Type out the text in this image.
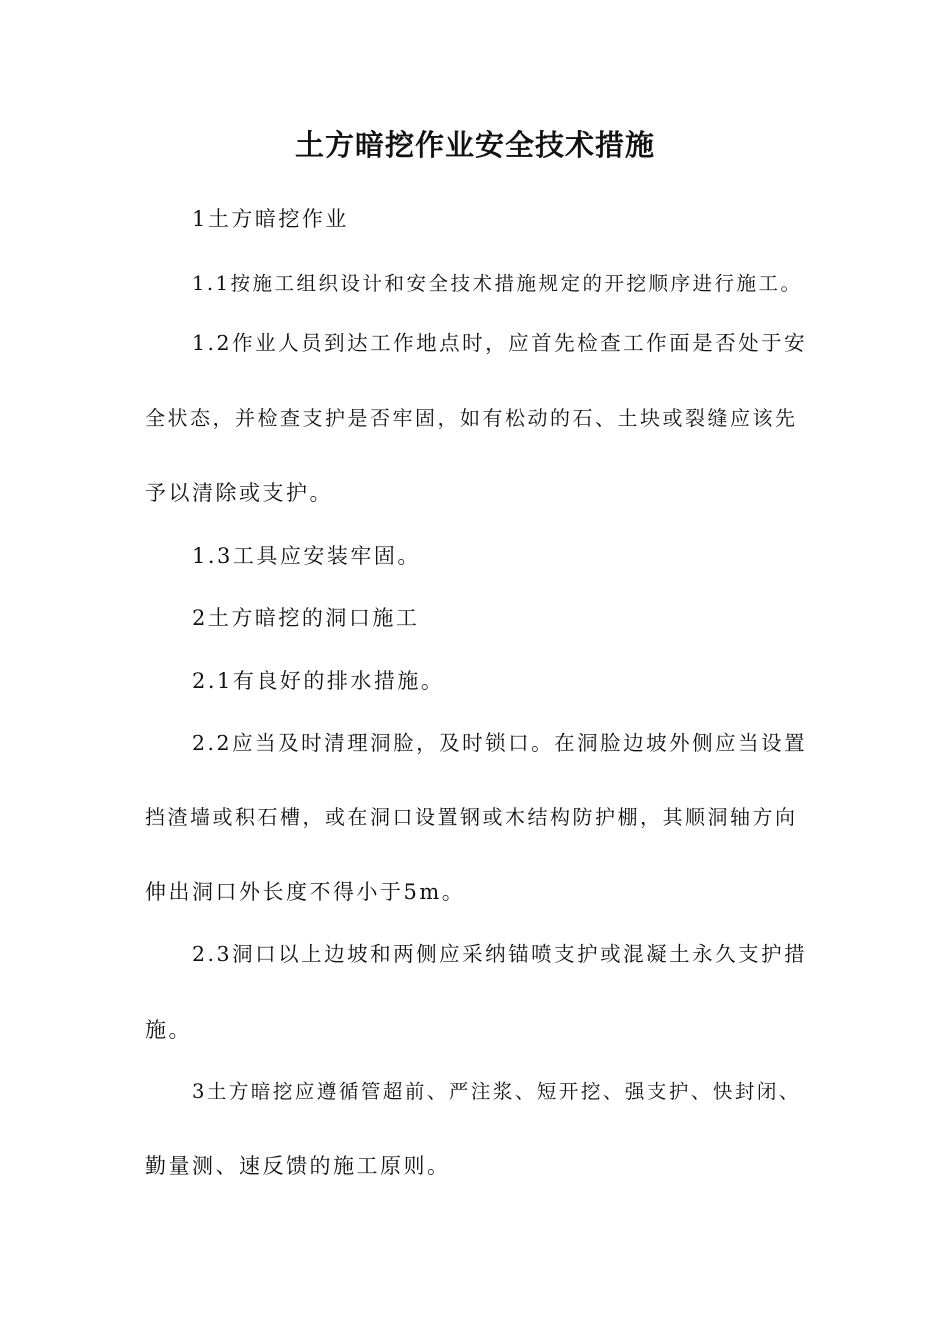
土方暗挖作业安全技术措施
1土方暗挖作业
1.1按施工组织设计和安全技术措施规定的开挖顺序进行施工。
1.2作业人员到达工作地点时，应首先检查工作面是否处于安
全状态，并检查支护是否牢固，如有松动的石、土块或裂缝应该先
予以清除或支护。
1.3工具应安装牢固。
2土方暗挖的洞口施工
2.1有良好的排水措施。
2.2应当及时清理洞脸，及时锁口。在洞脸边坡外侧应当设置
挡渣墙或积石槽，或在洞口设置钢或木结构防护棚，其顺洞轴方向
伸出洞口外长度不得小于5m。
2.3洞口以上边坡和两侧应采纳锚喷支护或混凝土永久支护措
施。
3土方暗挖应遵循管超前、严注浆、短开挖、强支护、快封闭、
勤量测、速反馈的施工原则。
